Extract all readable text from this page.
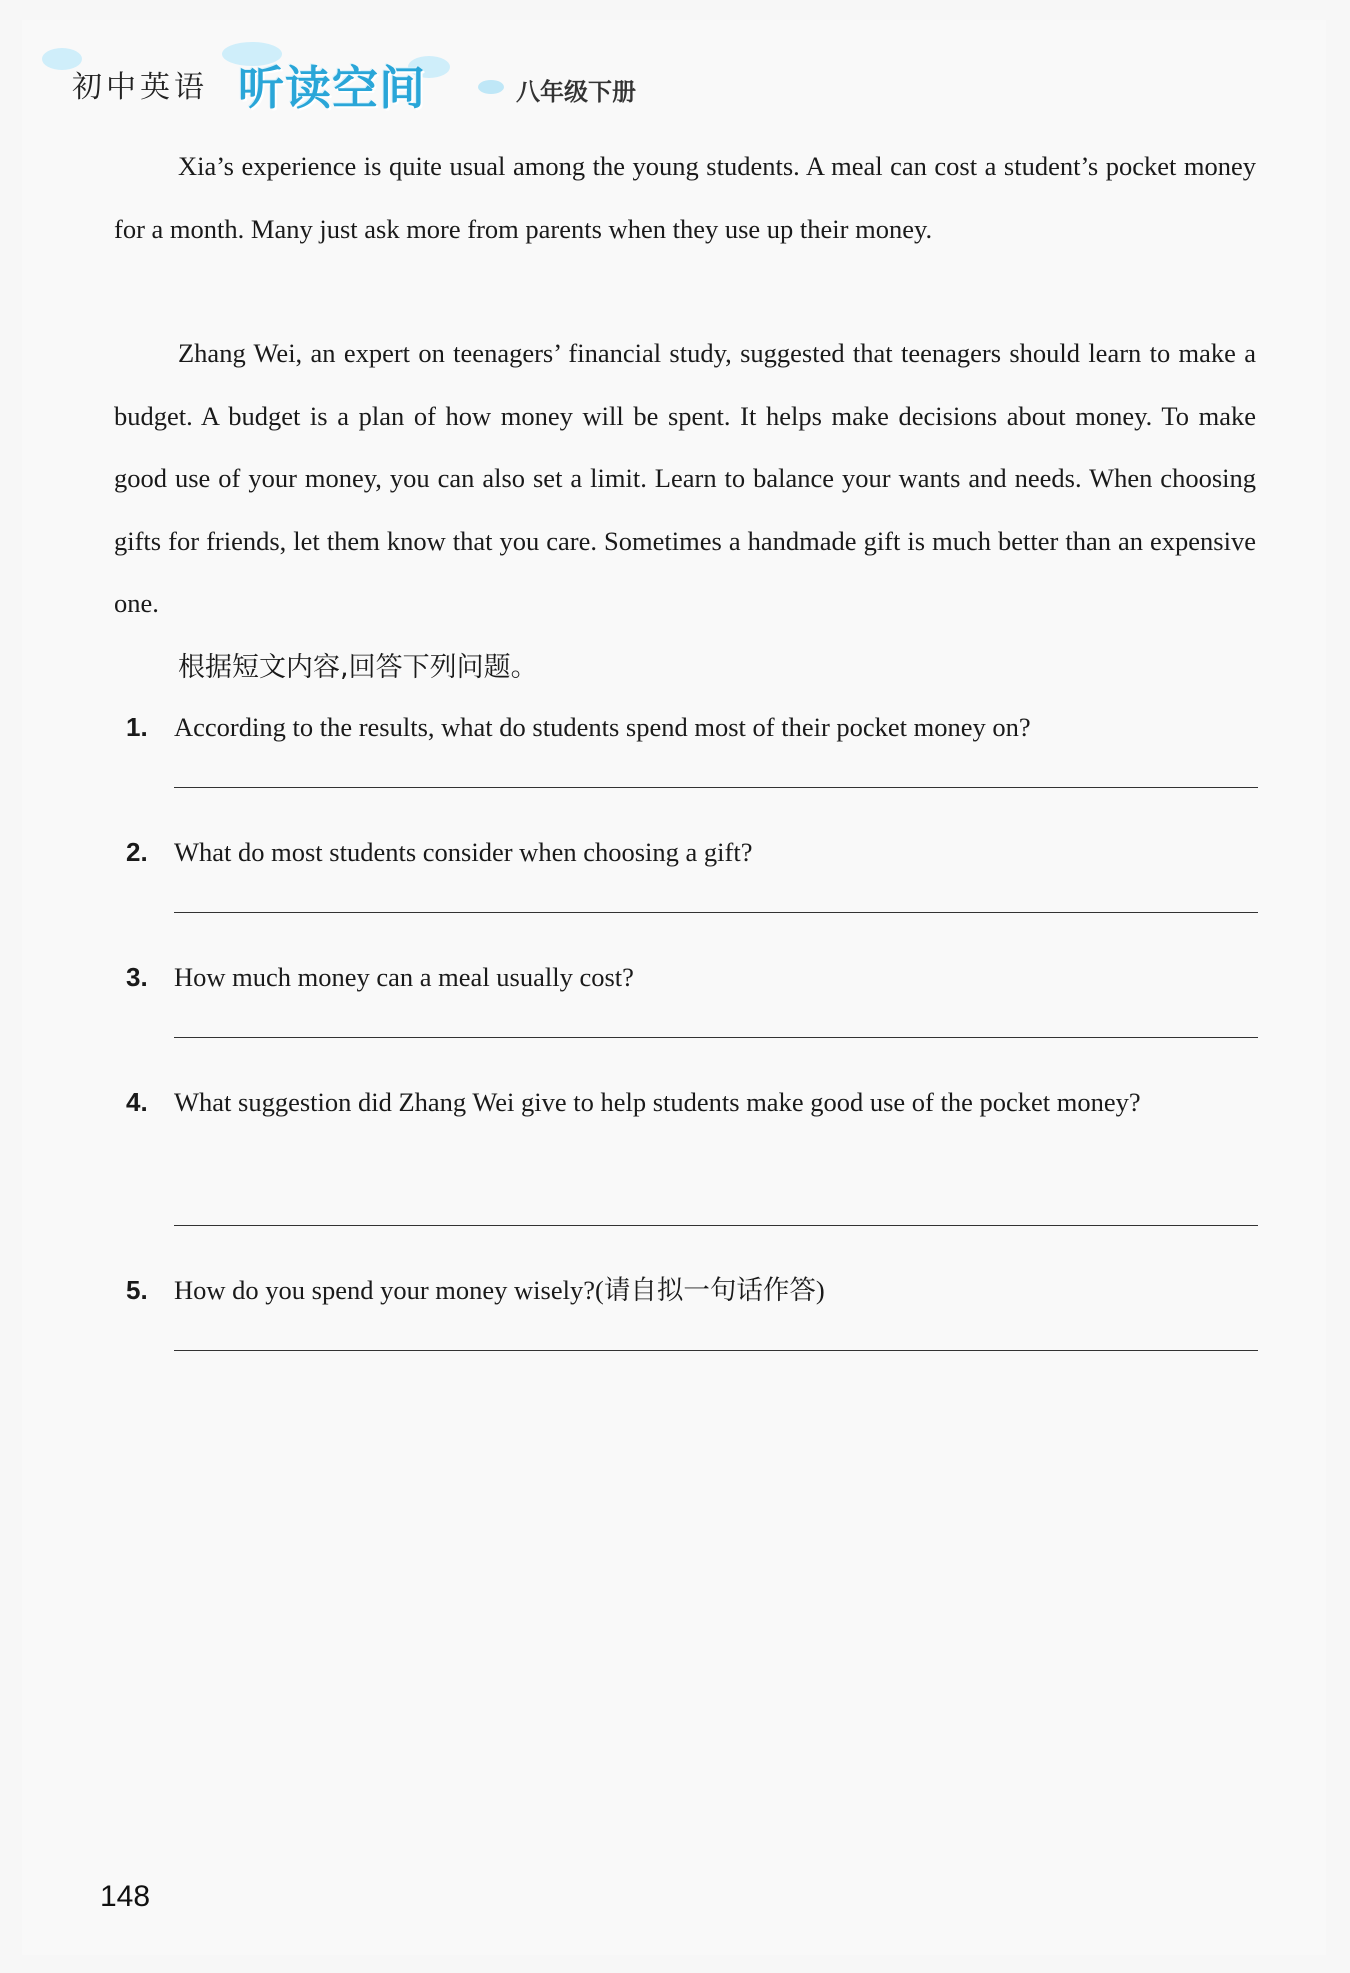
初中英语 听读空间	八年级下册

Xia’s experience is quite usual among the young students. A meal can cost a student’s pocket money for a month. Many just ask more from parents when they use up their money.

Zhang Wei, an expert on teenagers’ financial study, suggested that teenagers should learn to make a budget. A budget is a plan of how money will be spent. It helps make decisions about money. To make good use of your money, you can also set a limit. Learn to balance your wants and needs. When choosing gifts for friends, let them know that you care. Sometimes a handmade gift is much better than an expensive one.

根据短文内容,回答下列问题。

1. According to the results, what do students spend most of their pocket money on?
2. What do most students consider when choosing a gift?
3. How much money can a meal usually cost?
4. What suggestion did Zhang Wei give to help students make good use of the pocket money?
5. How do you spend your money wisely?(请自拟一句话作答)
148
